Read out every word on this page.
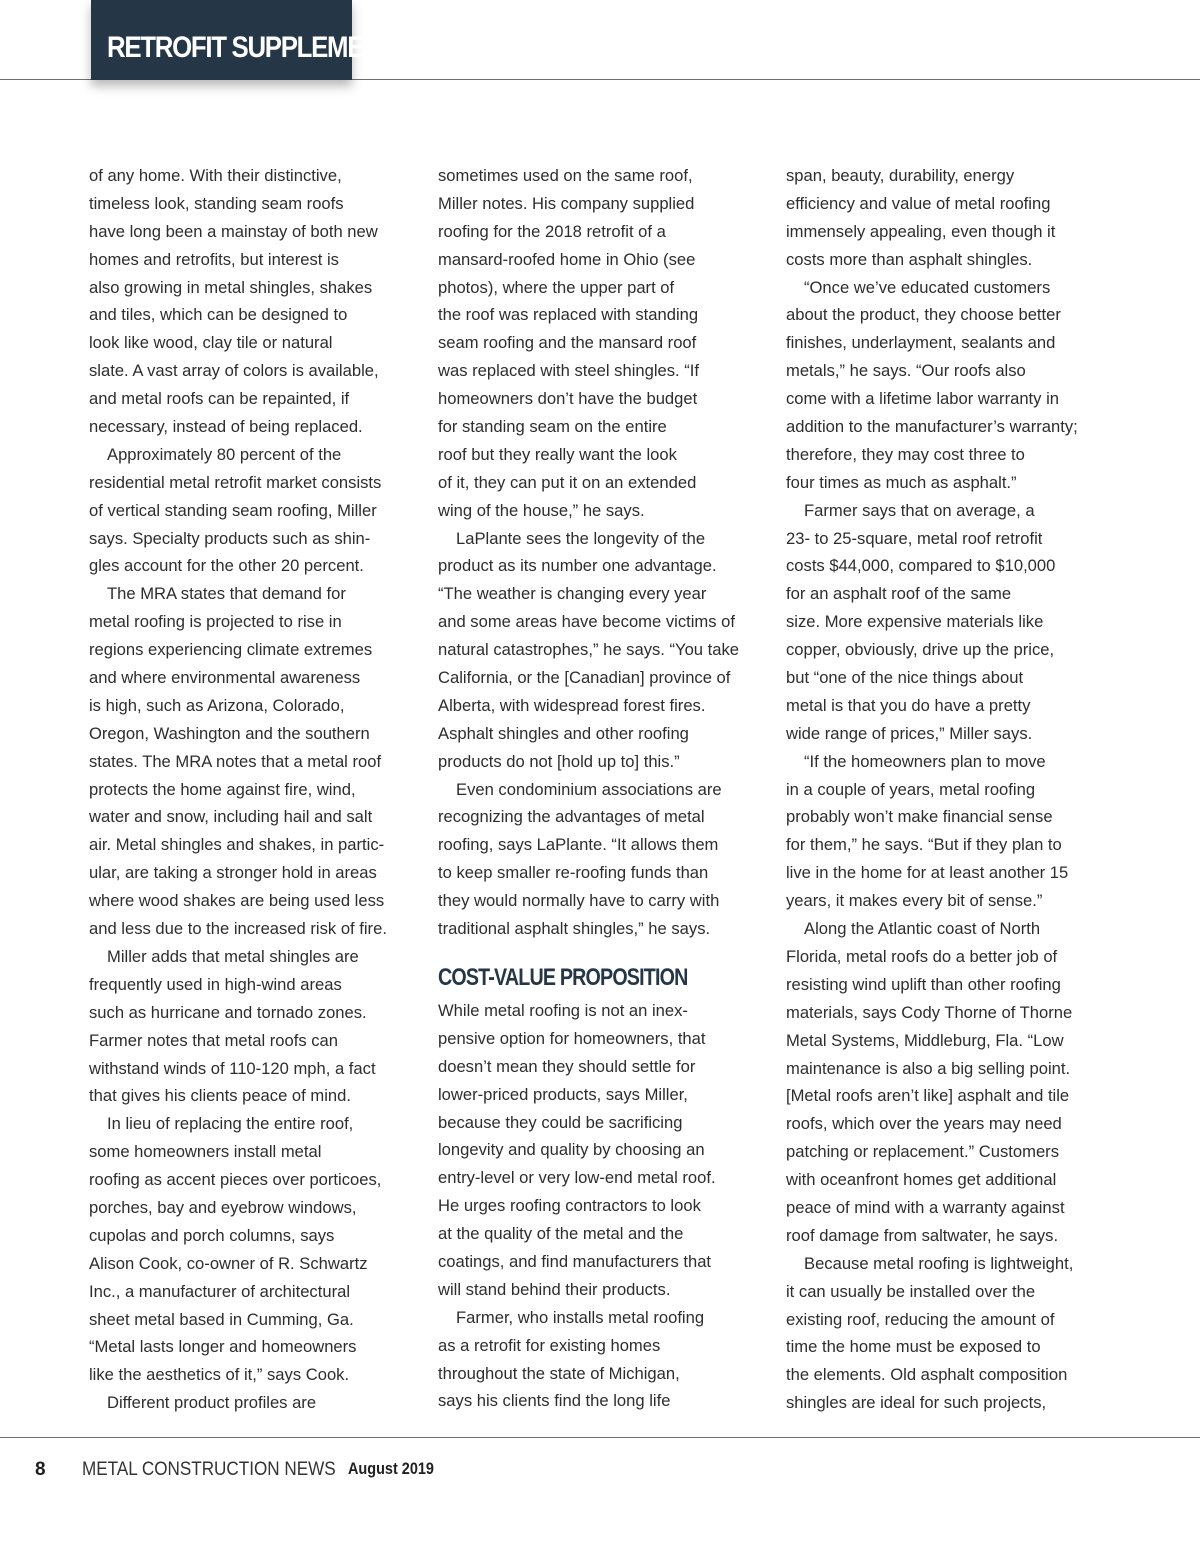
RETROFIT SUPPLEMENT
of any home. With their distinctive,
timeless look, standing seam roofs
have long been a mainstay of both new
homes and retrofits, but interest is
also growing in metal shingles, shakes
and tiles, which can be designed to
look like wood, clay tile or natural
slate. A vast array of colors is available,
and metal roofs can be repainted, if
necessary, instead of being replaced.
Approximately 80 percent of the
residential metal retrofit market consists
of vertical standing seam roofing, Miller
says. Specialty products such as shin-
gles account for the other 20 percent.
The MRA states that demand for
metal roofing is projected to rise in
regions experiencing climate extremes
and where environmental awareness
is high, such as Arizona, Colorado,
Oregon, Washington and the southern
states. The MRA notes that a metal roof
protects the home against fire, wind,
water and snow, including hail and salt
air. Metal shingles and shakes, in partic-
ular, are taking a stronger hold in areas
where wood shakes are being used less
and less due to the increased risk of fire.
Miller adds that metal shingles are
frequently used in high-wind areas
such as hurricane and tornado zones.
Farmer notes that metal roofs can
withstand winds of 110-120 mph, a fact
that gives his clients peace of mind.
In lieu of replacing the entire roof,
some homeowners install metal
roofing as accent pieces over porticoes,
porches, bay and eyebrow windows,
cupolas and porch columns, says
Alison Cook, co-owner of R. Schwartz
Inc., a manufacturer of architectural
sheet metal based in Cumming, Ga.
“Metal lasts longer and homeowners
like the aesthetics of it,” says Cook.
Different product profiles are
sometimes used on the same roof,
Miller notes. His company supplied
roofing for the 2018 retrofit of a
mansard-roofed home in Ohio (see
photos), where the upper part of
the roof was replaced with standing
seam roofing and the mansard roof
was replaced with steel shingles. “If
homeowners don’t have the budget
for standing seam on the entire
roof but they really want the look
of it, they can put it on an extended
wing of the house,” he says.
LaPlante sees the longevity of the
product as its number one advantage.
“The weather is changing every year
and some areas have become victims of
natural catastrophes,” he says. “You take
California, or the [Canadian] province of
Alberta, with widespread forest fires.
Asphalt shingles and other roofing
products do not [hold up to] this.”
Even condominium associations are
recognizing the advantages of metal
roofing, says LaPlante. “It allows them
to keep smaller re-roofing funds than
they would normally have to carry with
traditional asphalt shingles,” he says.
COST-VALUE PROPOSITION
While metal roofing is not an inex-
pensive option for homeowners, that
doesn’t mean they should settle for
lower-priced products, says Miller,
because they could be sacrificing
longevity and quality by choosing an
entry-level or very low-end metal roof.
He urges roofing contractors to look
at the quality of the metal and the
coatings, and find manufacturers that
will stand behind their products.
Farmer, who installs metal roofing
as a retrofit for existing homes
throughout the state of Michigan,
says his clients find the long life
span, beauty, durability, energy
efficiency and value of metal roofing
immensely appealing, even though it
costs more than asphalt shingles.
“Once we’ve educated customers
about the product, they choose better
finishes, underlayment, sealants and
metals,” he says. “Our roofs also
come with a lifetime labor warranty in
addition to the manufacturer’s warranty;
therefore, they may cost three to
four times as much as asphalt.”
Farmer says that on average, a
23- to 25-square, metal roof retrofit
costs $44,000, compared to $10,000
for an asphalt roof of the same
size. More expensive materials like
copper, obviously, drive up the price,
but “one of the nice things about
metal is that you do have a pretty
wide range of prices,” Miller says.
“If the homeowners plan to move
in a couple of years, metal roofing
probably won’t make financial sense
for them,” he says. “But if they plan to
live in the home for at least another 15
years, it makes every bit of sense.”
Along the Atlantic coast of North
Florida, metal roofs do a better job of
resisting wind uplift than other roofing
materials, says Cody Thorne of Thorne
Metal Systems, Middleburg, Fla. “Low
maintenance is also a big selling point.
[Metal roofs aren’t like] asphalt and tile
roofs, which over the years may need
patching or replacement.” Customers
with oceanfront homes get additional
peace of mind with a warranty against
roof damage from saltwater, he says.
Because metal roofing is lightweight,
it can usually be installed over the
existing roof, reducing the amount of
time the home must be exposed to
the elements. Old asphalt composition
shingles are ideal for such projects,
8 METAL CONSTRUCTION NEWS August 2019
